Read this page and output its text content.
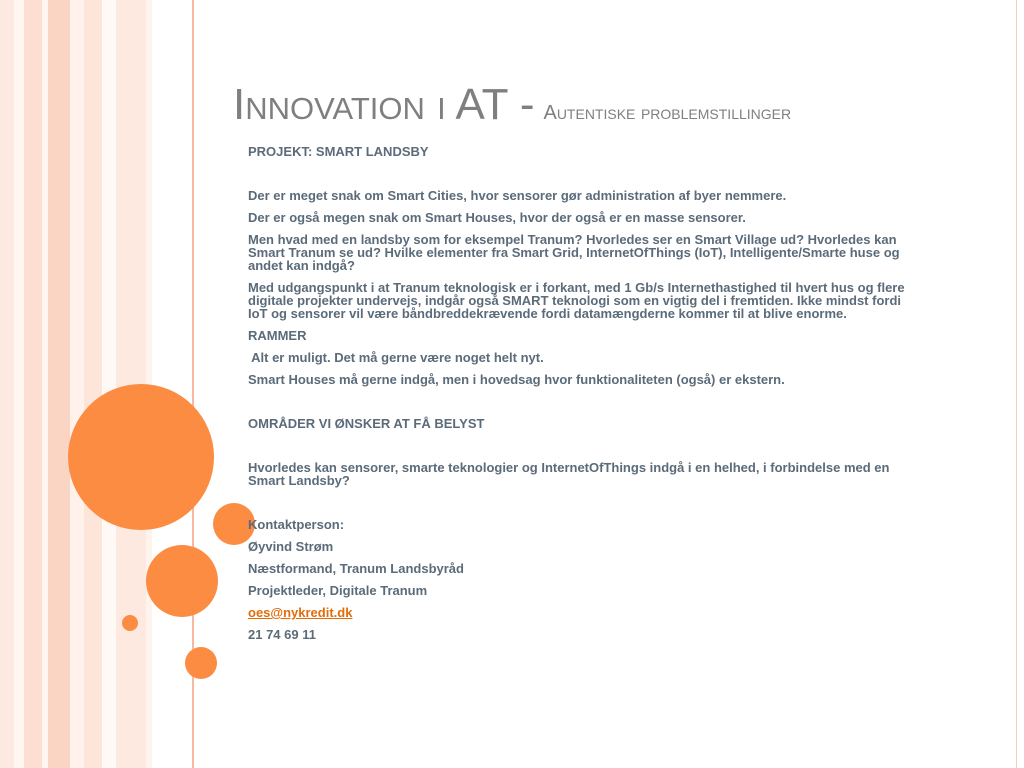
Innovation i AT - Autentiske problemstillinger

PROJEKT: SMART LANDSBY

Der er meget snak om Smart Cities, hvor sensorer gør administration af byer nemmere.

Der er også megen snak om Smart Houses, hvor der også er en masse sensorer.

Men hvad med en landsby som for eksempel Tranum? Hvorledes ser en Smart Village ud? Hvorledes kan Smart Tranum se ud? Hvilke elementer fra Smart Grid, InternetOfThings (IoT), Intelligente/Smarte huse og andet kan indgå?

Med udgangspunkt i at Tranum teknologisk er i forkant, med 1 Gb/s Internethastighed til hvert hus og flere digitale projekter undervejs, indgår også SMART teknologi som en vigtig del i fremtiden. Ikke mindst fordi IoT og sensorer vil være båndbreddekrævende fordi datamængderne kommer til at blive enorme.

RAMMER

Alt er muligt. Det må gerne være noget helt nyt.

Smart Houses må gerne indgå, men i hovedsag hvor funktionaliteten (også) er ekstern.

OMRÅDER VI ØNSKER AT FÅ BELYST

Hvorledes kan sensorer, smarte teknologier og InternetOfThings indgå i en helhed, i forbindelse med en Smart Landsby?

Kontaktperson:

Øyvind Strøm

Næstformand, Tranum Landsbyråd

Projektleder, Digitale Tranum

oes@nykredit.dk

21 74 69 11
